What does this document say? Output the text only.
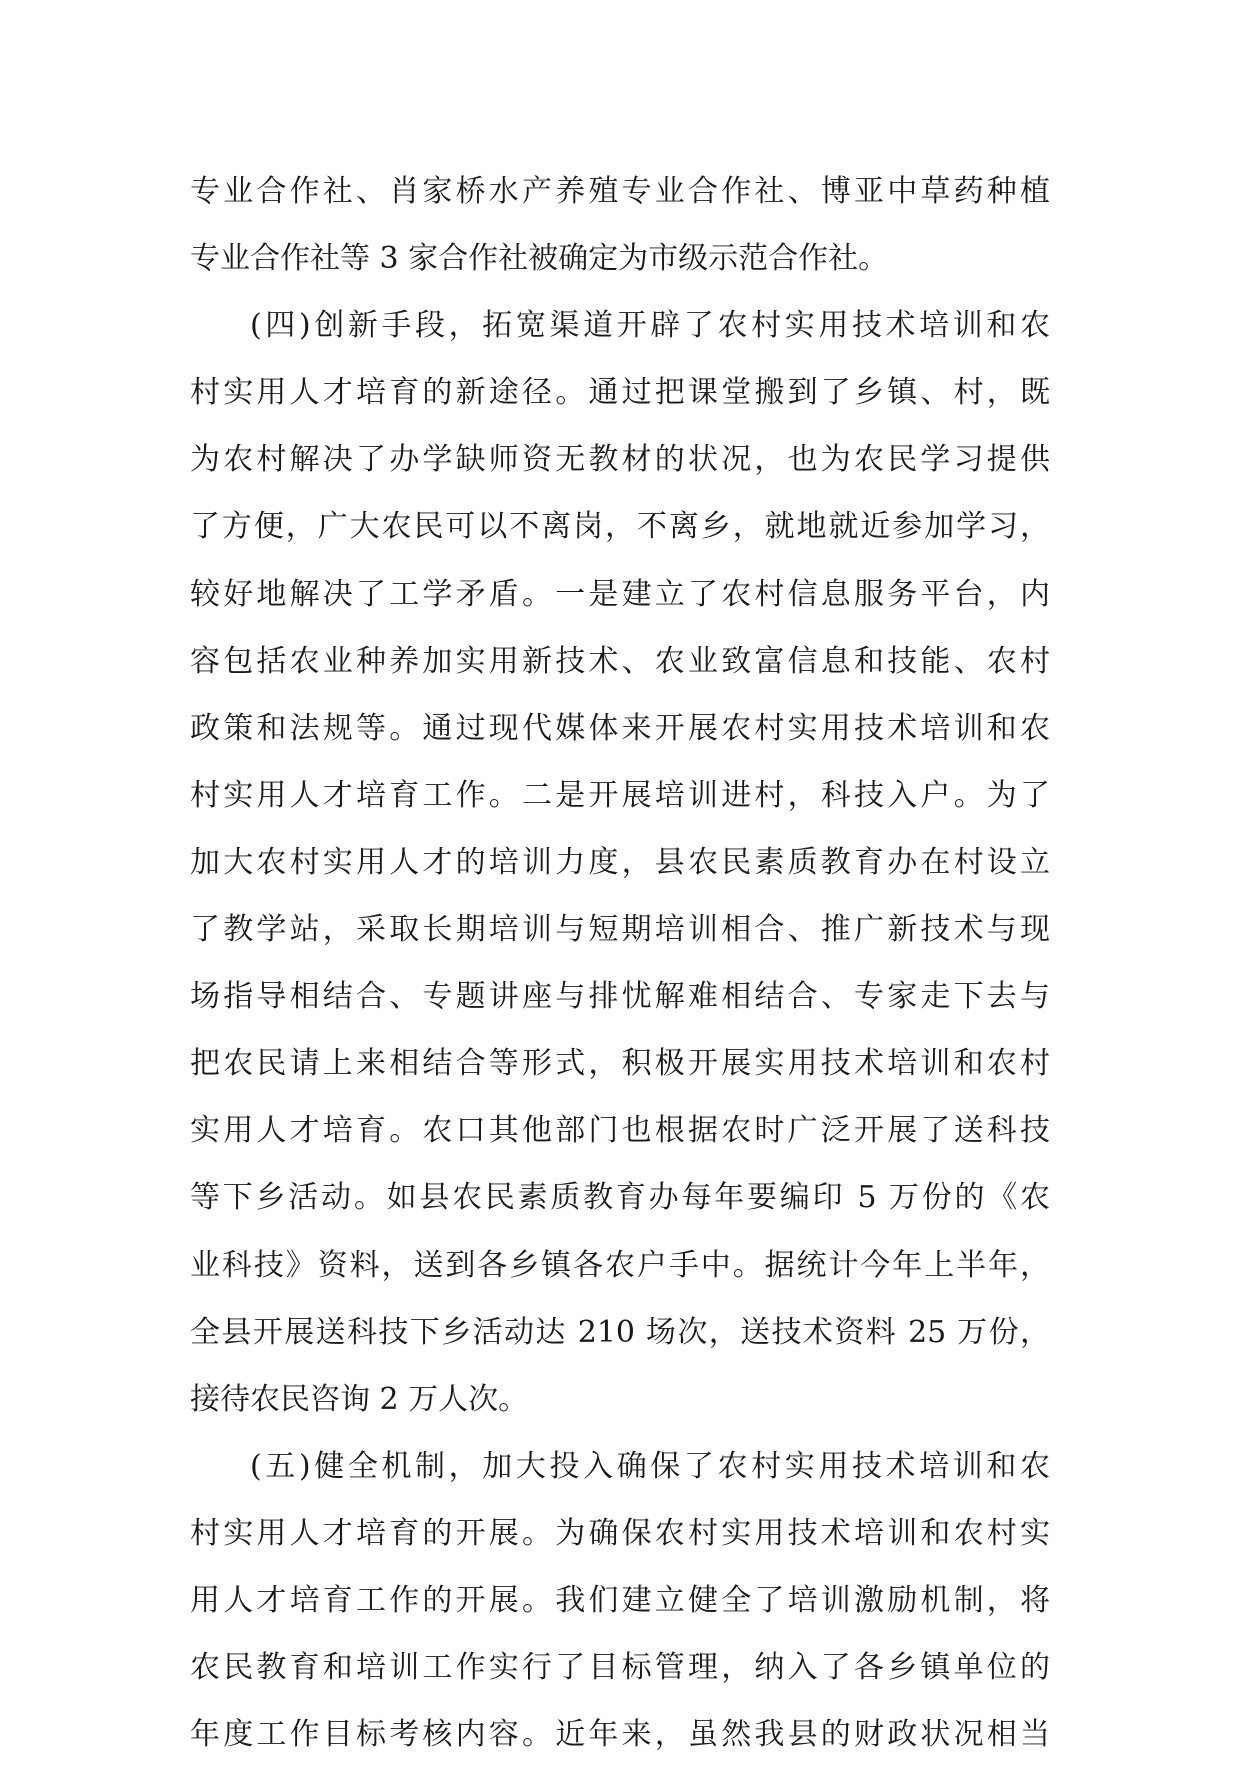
专业合作社、肖家桥水产养殖专业合作社、博亚中草药种植
专业合作社等 3 家合作社被确定为市级示范合作社。
(四)创新手段，拓宽渠道开辟了农村实用技术培训和农
村实用人才培育的新途径。通过把课堂搬到了乡镇、村，既
为农村解决了办学缺师资无教材的状况，也为农民学习提供
了方便，广大农民可以不离岗，不离乡，就地就近参加学习，
较好地解决了工学矛盾。一是建立了农村信息服务平台，内
容包括农业种养加实用新技术、农业致富信息和技能、农村
政策和法规等。通过现代媒体来开展农村实用技术培训和农
村实用人才培育工作。二是开展培训进村，科技入户。为了
加大农村实用人才的培训力度，县农民素质教育办在村设立
了教学站，采取长期培训与短期培训相合、推广新技术与现
场指导相结合、专题讲座与排忧解难相结合、专家走下去与
把农民请上来相结合等形式，积极开展实用技术培训和农村
实用人才培育。农口其他部门也根据农时广泛开展了送科技
等下乡活动。如县农民素质教育办每年要编印 5 万份的《农
业科技》资料，送到各乡镇各农户手中。据统计今年上半年，
全县开展送科技下乡活动达 210 场次，送技术资料 25 万份，
接待农民咨询 2 万人次。
(五)健全机制，加大投入确保了农村实用技术培训和农
村实用人才培育的开展。为确保农村实用技术培训和农村实
用人才培育工作的开展。我们建立健全了培训激励机制，将
农民教育和培训工作实行了目标管理，纳入了各乡镇单位的
年度工作目标考核内容。近年来，虽然我县的财政状况相当
